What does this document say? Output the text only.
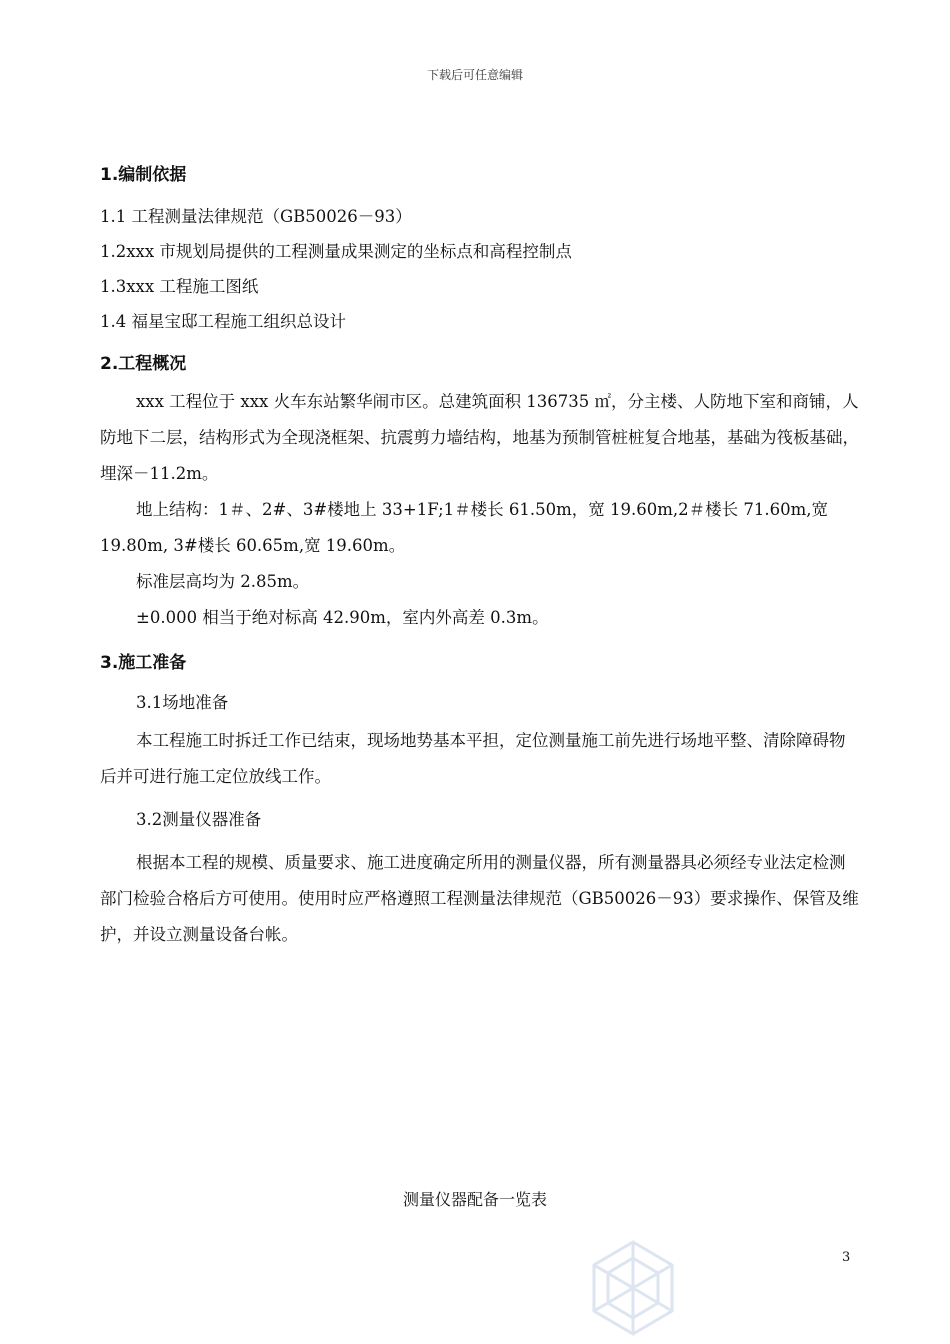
下载后可任意编辑
1.编制依据

1.1 工程测量法律规范（GB50026－93）

1.2xxx 市规划局提供的工程测量成果测定的坐标点和高程控制点

1.3xxx 工程施工图纸

1.4 福星宝邸工程施工组织总设计

2.工程概况

xxx 工程位于 xxx 火车东站繁华闹市区。总建筑面积 136735 ㎡，分主楼、人防地下室和商铺，人防地下二层，结构形式为全现浇框架、抗震剪力墙结构，地基为预制管桩桩复合地基，基础为筏板基础，埋深－11.2m。

地上结构：1＃、2#、3#楼地上 33+1F;1＃楼长 61.50m，宽 19.60m,2＃楼长 71.60m,宽 19.80m, 3#楼长 60.65m,宽 19.60m。

标准层高均为 2.85m。

±0.000 相当于绝对标高 42.90m，室内外高差 0.3m。

3.施工准备

3.1场地准备

本工程施工时拆迁工作已结束，现场地势基本平担，定位测量施工前先进行场地平整、清除障碍物后并可进行施工定位放线工作。

3.2测量仪器准备

根据本工程的规模、质量要求、施工进度确定所用的测量仪器，所有测量器具必须经专业法定检测部门检验合格后方可使用。使用时应严格遵照工程测量法律规范（GB50026－93）要求操作、保管及维护，并设立测量设备台帐。

测量仪器配备一览表
3
